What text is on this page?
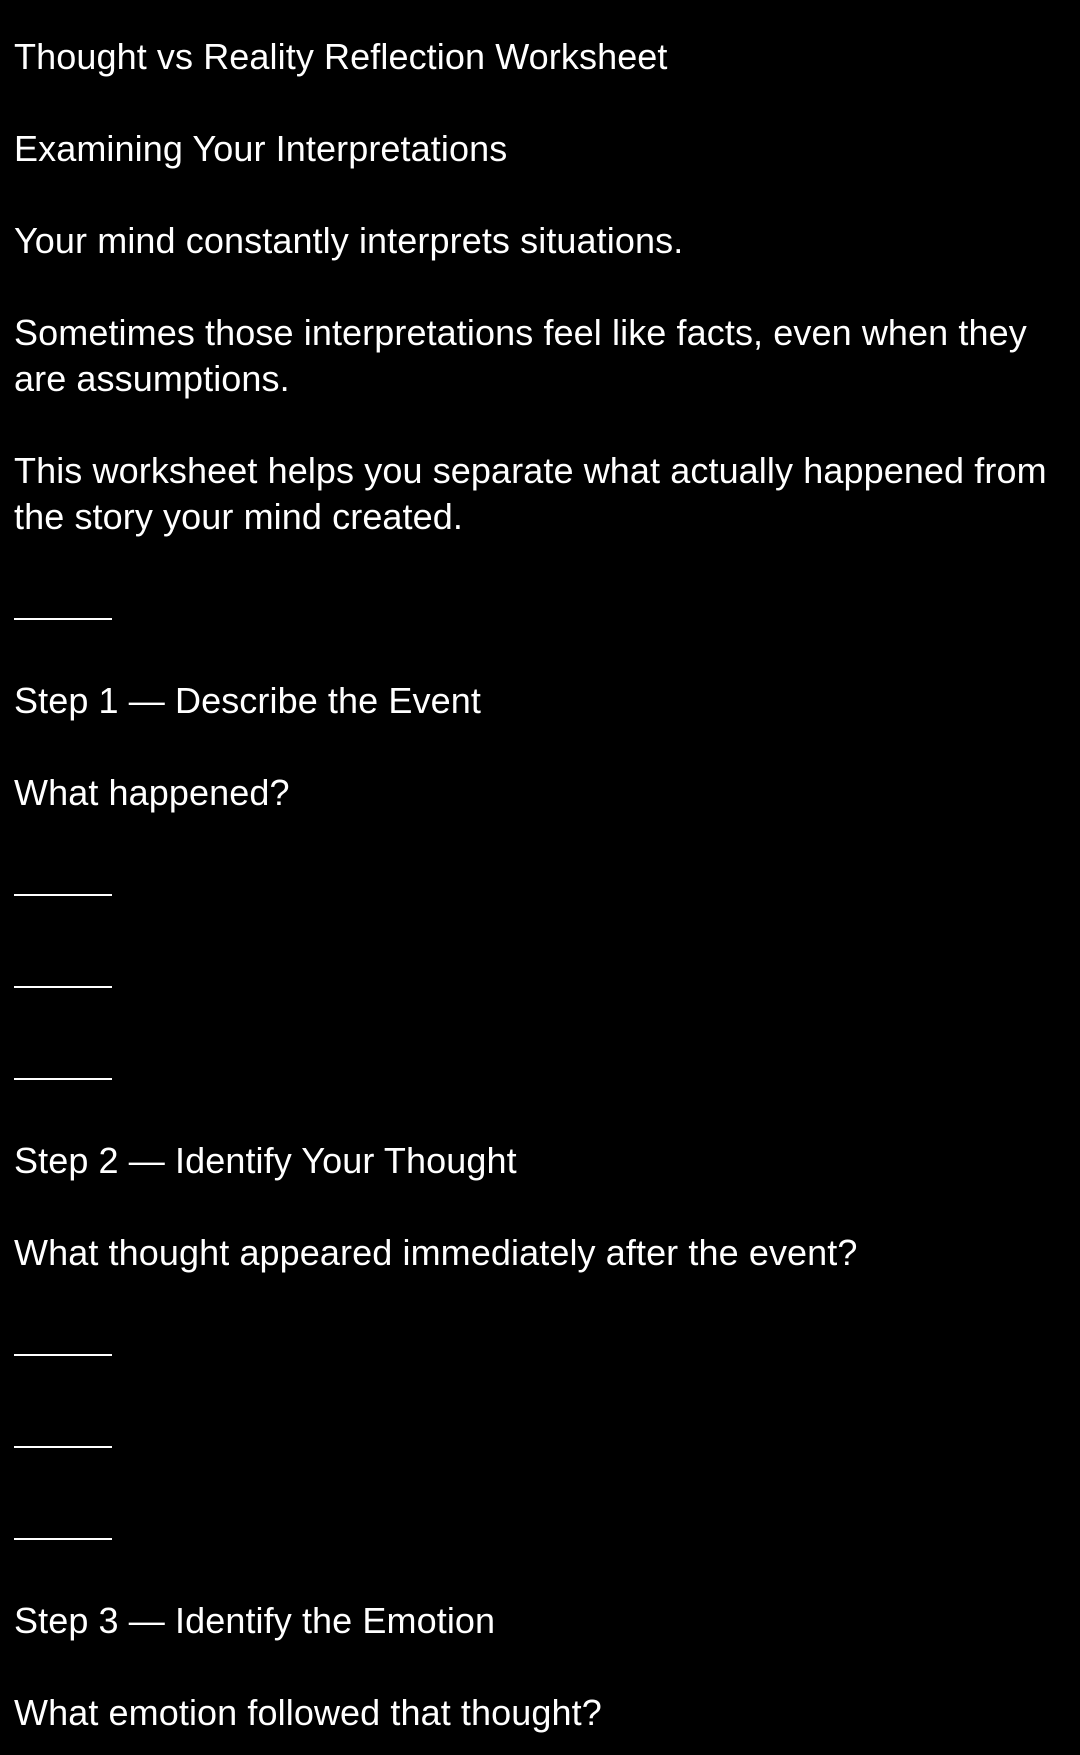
Thought vs Reality Reflection Worksheet
Examining Your Interpretations
Your mind constantly interprets situations.
Sometimes those interpretations feel like facts, even when they are assumptions.
This worksheet helps you separate what actually happened from the story your mind created.
Step 1 — Describe the Event
What happened?
Step 2 — Identify Your Thought
What thought appeared immediately after the event?
Step 3 — Identify the Emotion
What emotion followed that thought?
